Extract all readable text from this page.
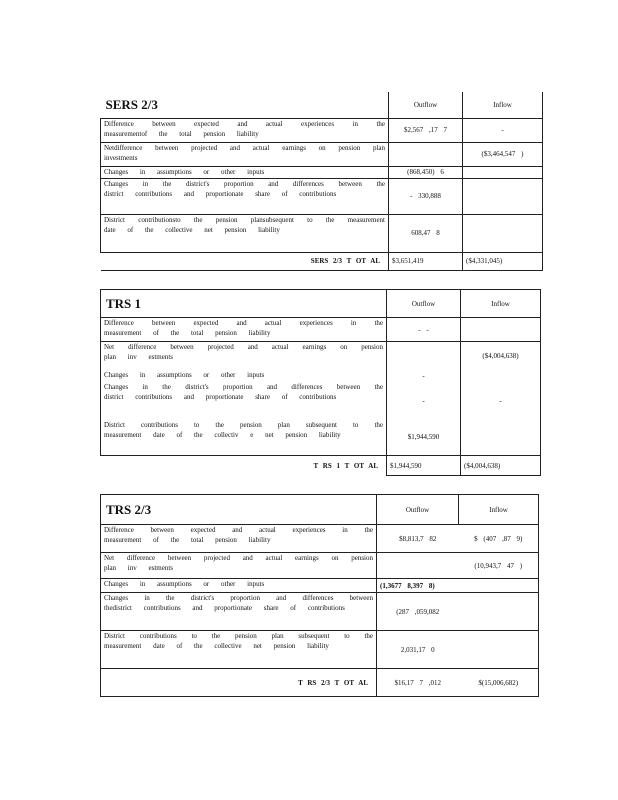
SERS 2/3	Outflow	Inflow
Difference between expected and actual experiences in the measurementof the total pension liability	$2,567 ,17 7	-
Netdifference between projected and actual earnings on pension plan investments		($3,464,547 )
Changes in assumptions or other inputs	(868,450) 6	
Changes in the district's proportion and differences between the district contributions and proportionate share of contributions	- 330,888	
District contributionsto the pension plansubsequent to the measurement date of the collective net pension liability	608,47 8	
SERS 2/3 T OT AL	$3,651,419	($4,331,045)
TRS 1	Outflow	Inflow
Difference between expected and actual experiences in the measurement of the total pension liability	- -	
Net difference between projected and actual earnings on pension plan inv estments		($4,004,638)
Changes in assumptions or other inputs	-	
Changes in the district's proportion and differences between the district contributions and proportionate share of contributions	-	-
District contributions to the pension plan subsequent to the measurement date of the collectiv e net pension liability	$1,944,590	
T RS 1 T OT AL	$1,944,590	($4,004,638)
TRS 2/3	Outflow	Inflow
Difference between expected and actual experiences in the measurement of the total pension liability	$8,813,7 82	$ (407 ,87 9)
Net difference between projected and actual earnings on pension plan inv estments		(10,943,7 47 )
Changes in assumptions or other inputs	(1,3677 8,397 8)	
Changes in the district's proportion and differences between thedistrict contributions and proportionate share of contributions	(287 ,059,082	
District contributions to the pension plan subsequent to the measurement date of the collective net pension liability	2,031,17 0	
T RS 2/3 T OT AL	$16,17 7 ,012	$(15,006,682)
